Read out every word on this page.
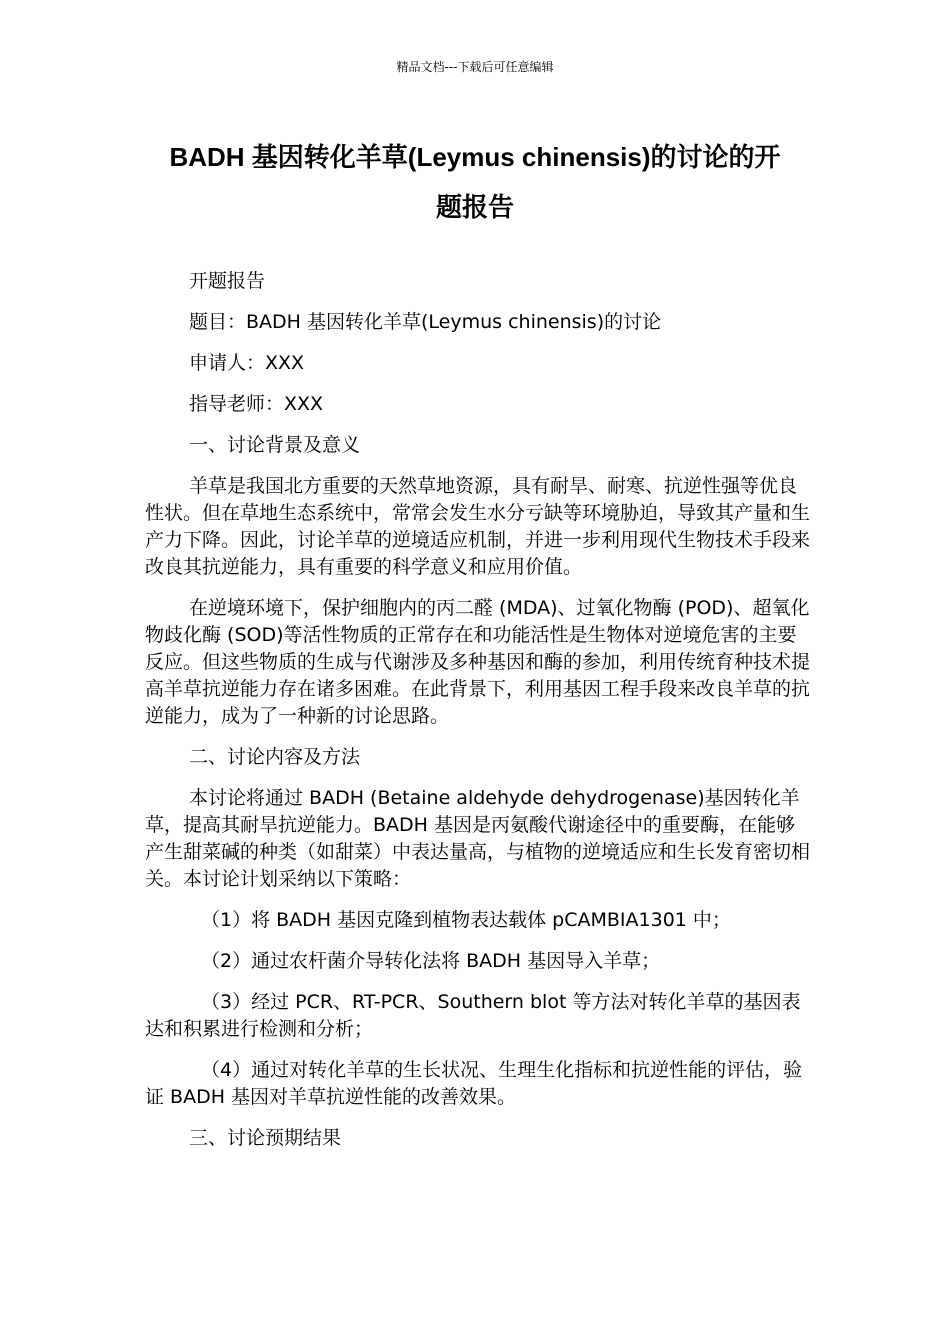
精品文档---下载后可任意编辑
BADH 基因转化羊草(Leymus chinensis)的讨论的开
题报告
开题报告
题目：BADH 基因转化羊草(Leymus chinensis)的讨论
申请人：XXX
指导老师：XXX
一、讨论背景及意义

羊草是我国北方重要的天然草地资源，具有耐旱、耐寒、抗逆性强等优良性状。但在草地生态系统中，常常会发生水分亏缺等环境胁迫，导致其产量和生产力下降。因此，讨论羊草的逆境适应机制，并进一步利用现代生物技术手段来改良其抗逆能力，具有重要的科学意义和应用价值。

在逆境环境下，保护细胞内的丙二醛 (MDA)、过氧化物酶 (POD)、超氧化物歧化酶 (SOD)等活性物质的正常存在和功能活性是生物体对逆境危害的主要反应。但这些物质的生成与代谢涉及多种基因和酶的参加，利用传统育种技术提高羊草抗逆能力存在诸多困难。在此背景下，利用基因工程手段来改良羊草的抗逆能力，成为了一种新的讨论思路。

二、讨论内容及方法

本讨论将通过 BADH (Betaine aldehyde dehydrogenase)基因转化羊草，提高其耐旱抗逆能力。BADH 基因是丙氨酸代谢途径中的重要酶，在能够产生甜菜碱的种类（如甜菜）中表达量高，与植物的逆境适应和生长发育密切相关。本讨论计划采纳以下策略：

（1）将 BADH 基因克隆到植物表达载体 pCAMBIA1301 中；

（2）通过农杆菌介导转化法将 BADH 基因导入羊草；

（3）经过 PCR、RT-PCR、Southern blot 等方法对转化羊草的基因表达和积累进行检测和分析；

（4）通过对转化羊草的生长状况、生理生化指标和抗逆性能的评估，验证 BADH 基因对羊草抗逆性能的改善效果。

三、讨论预期结果
